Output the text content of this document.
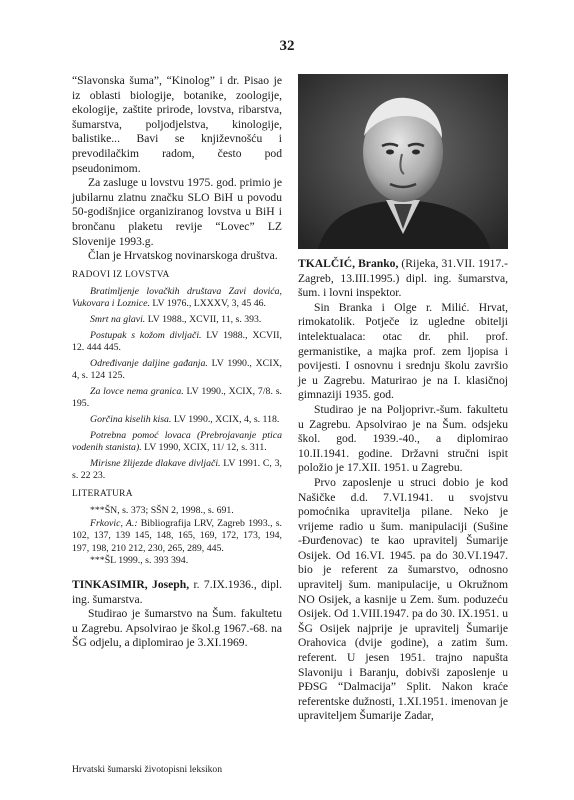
32

“Slavonska šuma”, “Kinolog” i dr. Pisao je iz oblasti biologije, botanike, zoologije, ekologije, zaštite prirode, lovstva, ribarstva, šumarstva, poljodjelstva, kinologije, balistike... Bavi se književnošću i prevodilačkim radom, često pod pseudonimom.

Za zasluge u lovstvu 1975. god. primio je jubilarnu zlatnu značku SLO BiH u povodu 50-godišnjice organiziranog lovstva u BiH i brončanu plaketu revije “Lovec” LZ Slovenije 1993.g.

Član je Hrvatskog novinarskoga društva.

RADOVI IZ LOVSTVA

Bratimljenje lovačkih društava Zavi dovića, Vukovara i Loznice. LV 1976., LXXXV, 3, 45 46.

Smrt na glavi. LV 1988., XCVII, 11, s. 393.

Postupak s kožom divljači. LV 1988., XCVII, 12. 444 445.

Određivanje daljine gađanja. LV 1990., XCIX, 4, s. 124 125.

Za lovce nema granica. LV 1990., XCIX, 7/8. s. 195.

Gorčina kiselih kisa. LV 1990., XCIX, 4, s. 118.

Potrebna pomoć lovaca (Prebrojavanje ptica vodenih stanista). LV 1990, XCIX, 11/ 12, s. 311.

Mirisne žlijezde dlakave divljači. LV 1991. C, 3, s. 22 23.

LITERATURA

***ŠN, s. 373; SŠN 2, 1998., s. 691.

Frkovic, A.: Bibliografija LRV, Zagreb 1993., s. 102, 137, 139 145, 148, 165, 169, 172, 173, 194, 197, 198, 210 212, 230, 265, 289, 445.

***ŠL 1999., s. 393 394.

TINKASIMIR, Joseph, r. 7.IX.1936., dipl. ing. šumarstva.

Studirao je šumarstvo na Šum. fakultetu u Zagrebu. Apsolvirao je škol.g 1967.-68. na ŠG odjelu, a diplomirao je 3.XI.1969.

TKALČIĆ, Branko, (Rijeka, 31.VII. 1917.-Zagreb, 13.III.1995.) dipl. ing. šumarstva, šum. i lovni inspektor.

Sin Branka i Olge r. Milić. Hrvat, rimokatolik. Potječe iz ugledne obitelji intelektualaca: otac dr. phil. prof. germanistike, a majka prof. zem ljopisa i povijesti. I osnovnu i srednju školu završio je u Zagrebu. Maturirao je na I. klasičnoj gimnaziji 1935. god.

Studirao je na Poljoprivr.-šum. fakultetu u Zagrebu. Apsolvirao je na Šum. odsjeku škol. god. 1939.-40., a diplomirao 10.II.1941. godine. Državni stručni ispit položio je 17.XII. 1951. u Zagrebu.

Prvo zaposlenje u struci dobio je kod Našičke d.d. 7.VI.1941. u svojstvu pomoćnika upravitelja pilane. Neko je vrijeme radio u šum. manipulaciji (Sušine -Đurđenovac) te kao upravitelj Šumarije Osijek. Od 16.VI. 1945. pa do 30.VI.1947. bio je referent za šumarstvo, odnosno upravitelj šum. manipulacije, u Okružnom NO Osijek, a kasnije u Zem. šum. poduzeću Osijek. Od 1.VIII.1947. pa do 30. IX.1951. u ŠG Osijek najprije je upravitelj Šumarije Orahovica (dvije godine), a zatim šum. referent. U jesen 1951. trajno napušta Slavoniju i Baranju, dobivši zaposlenje u PĐSG “Dalmacija” Split. Nakon kraće referentske dužnosti, 1.XI.1951. imenovan je upraviteljem Šumarije Zadar,

Hrvatski šumarski životopisni leksikon
